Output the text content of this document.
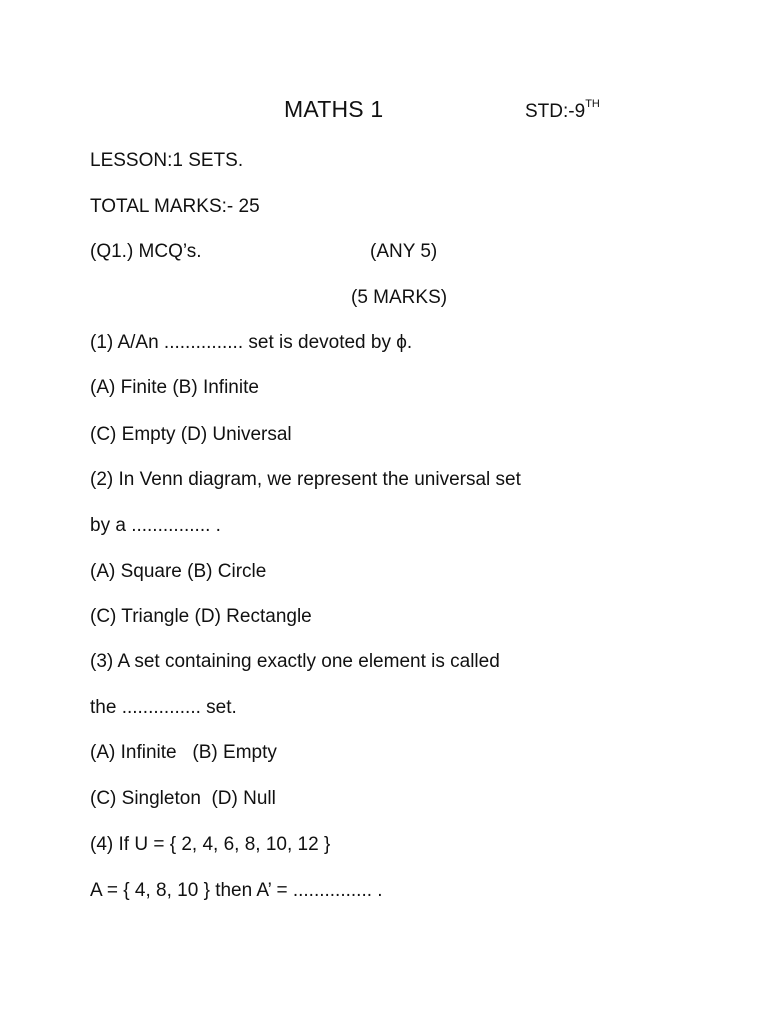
MATHS 1	STD:-9TH
LESSON:1 SETS.
TOTAL MARKS:- 25
(Q1.) MCQ’s.	(ANY 5)
(5 MARKS)
(1) A/An ............... set is devoted by ϕ.
(A) Finite (B) Infinite
(C) Empty (D) Universal
(2) In Venn diagram, we represent the universal set
by a ............... .
(A) Square (B) Circle
(C) Triangle (D) Rectangle
(3) A set containing exactly one element is called
the ............... set.
(A) Infinite   (B) Empty
(C) Singleton  (D) Null
(4) If U = { 2, 4, 6, 8, 10, 12 }
A = { 4, 8, 10 } then A’ = ............... .
